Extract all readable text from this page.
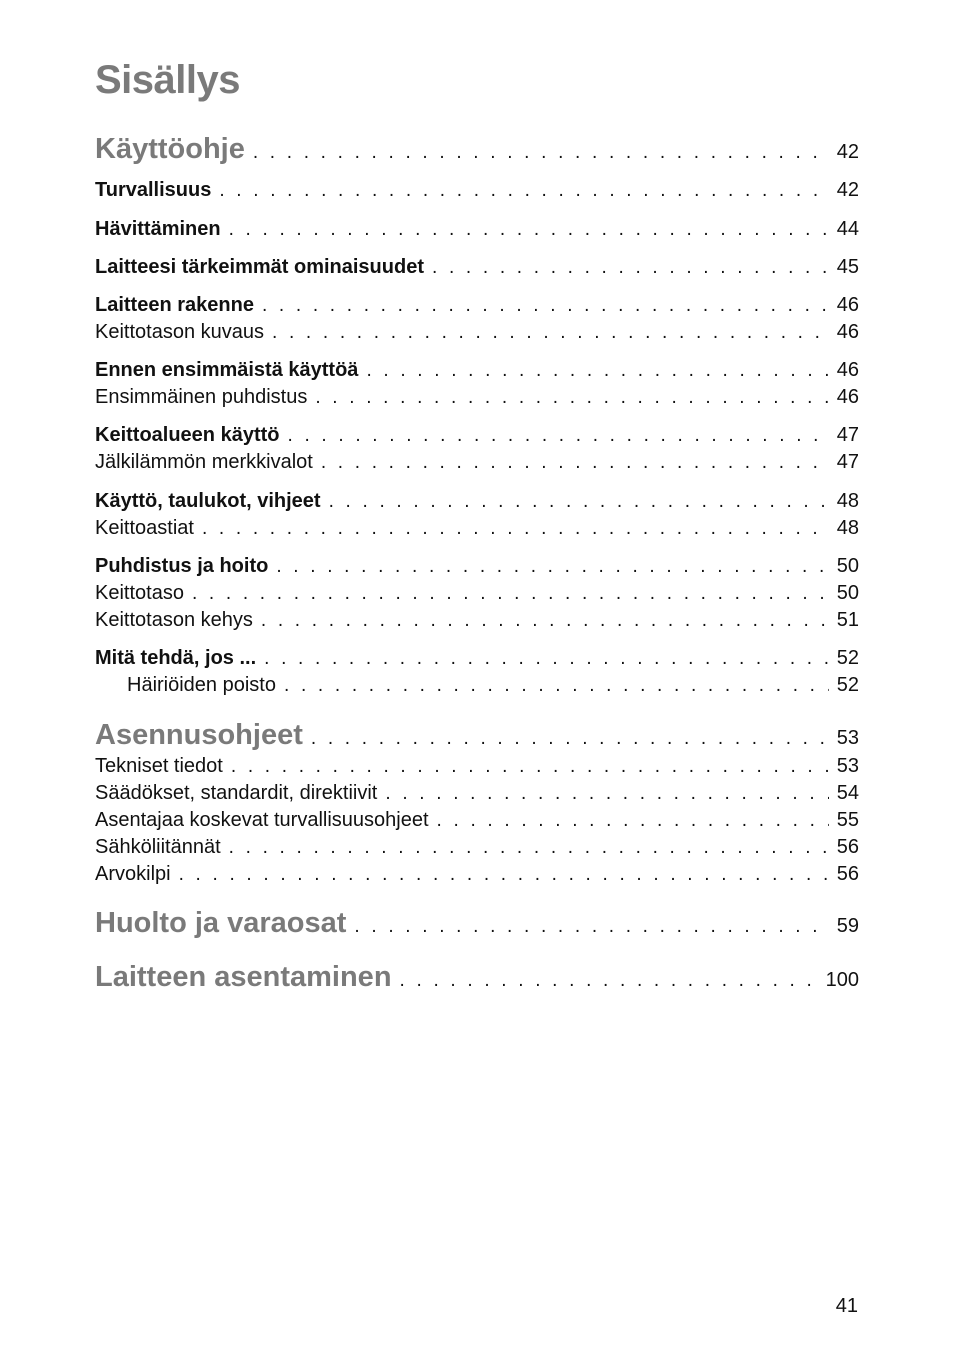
Sisällys
Käyttöohje . . .	42
Turvallisuus . . .	42
Hävittäminen . . .	44
Laitteesi tärkeimmät ominaisuudet . . .	45
Laitteen rakenne . . .	46
Keittotason kuvaus . . .	46
Ennen ensimmäistä käyttöä . . .	46
Ensimmäinen puhdistus . . .	46
Keittoalueen käyttö . . .	47
Jälkilämmön merkkivalot . . .	47
Käyttö, taulukot, vihjeet . . .	48
Keittoastiat . . .	48
Puhdistus ja hoito . . .	50
Keittotaso . . .	50
Keittotason kehys . . .	51
Mitä tehdä, jos ... . . .	52
Häiriöiden poisto . . .	52
Asennusohjeet . . .	53
Tekniset tiedot . . .	53
Säädökset, standardit, direktiivit . . .	54
Asentajaa koskevat turvallisuusohjeet . . .	55
Sähköliitännät . . .	56
Arvokilpi . . .	56
Huolto ja varaosat . . .	59
Laitteen asentaminen . . .	100
41
